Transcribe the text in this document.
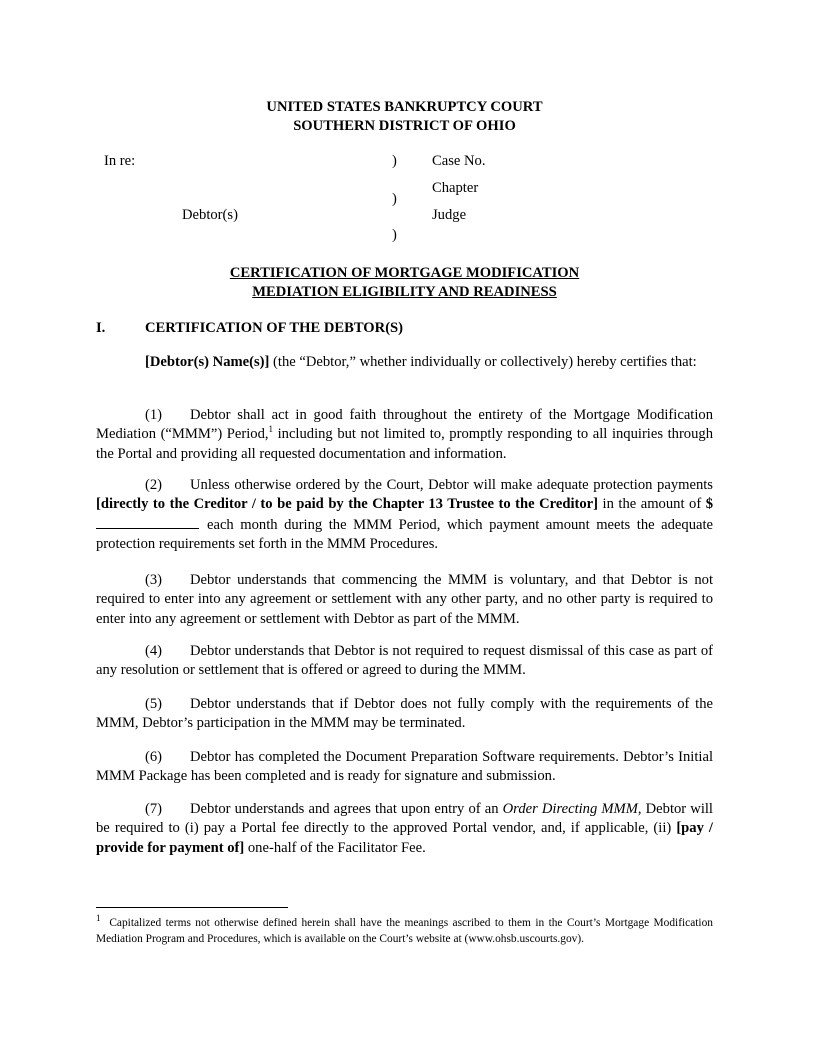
UNITED STATES BANKRUPTCY COURT
SOUTHERN DISTRICT OF OHIO
In re:
Debtor(s)
)
)
)
Case No.
Chapter
Judge
CERTIFICATION OF MORTGAGE MODIFICATION
MEDIATION ELIGIBILITY AND READINESS
I.	CERTIFICATION OF THE DEBTOR(S)
[Debtor(s) Name(s)] (the “Debtor,” whether individually or collectively) hereby certifies that:
(1) Debtor shall act in good faith throughout the entirety of the Mortgage Modification Mediation (“MMM”) Period,$^1$ including but not limited to, promptly responding to all inquiries through the Portal and providing all requested documentation and information.
(2) Unless otherwise ordered by the Court, Debtor will make adequate protection payments [directly to the Creditor / to be paid by the Chapter 13 Trustee to the Creditor] in the amount of $ each month during the MMM Period, which payment amount meets the adequate protection requirements set forth in the MMM Procedures.
(3) Debtor understands that commencing the MMM is voluntary, and that Debtor is not required to enter into any agreement or settlement with any other party, and no other party is required to enter into any agreement or settlement with Debtor as part of the MMM.
(4) Debtor understands that Debtor is not required to request dismissal of this case as part of any resolution or settlement that is offered or agreed to during the MMM.
(5) Debtor understands that if Debtor does not fully comply with the requirements of the MMM, Debtor’s participation in the MMM may be terminated.
(6) Debtor has completed the Document Preparation Software requirements. Debtor’s Initial MMM Package has been completed and is ready for signature and submission.
(7) Debtor understands and agrees that upon entry of an Order Directing MMM, Debtor will be required to (i) pay a Portal fee directly to the approved Portal vendor, and, if applicable, (ii) [pay / provide for payment of] one-half of the Facilitator Fee.
$^1$ Capitalized terms not otherwise defined herein shall have the meanings ascribed to them in the Court’s Mortgage Modification Mediation Program and Procedures, which is available on the Court’s website at (www.ohsb.uscourts.gov).
